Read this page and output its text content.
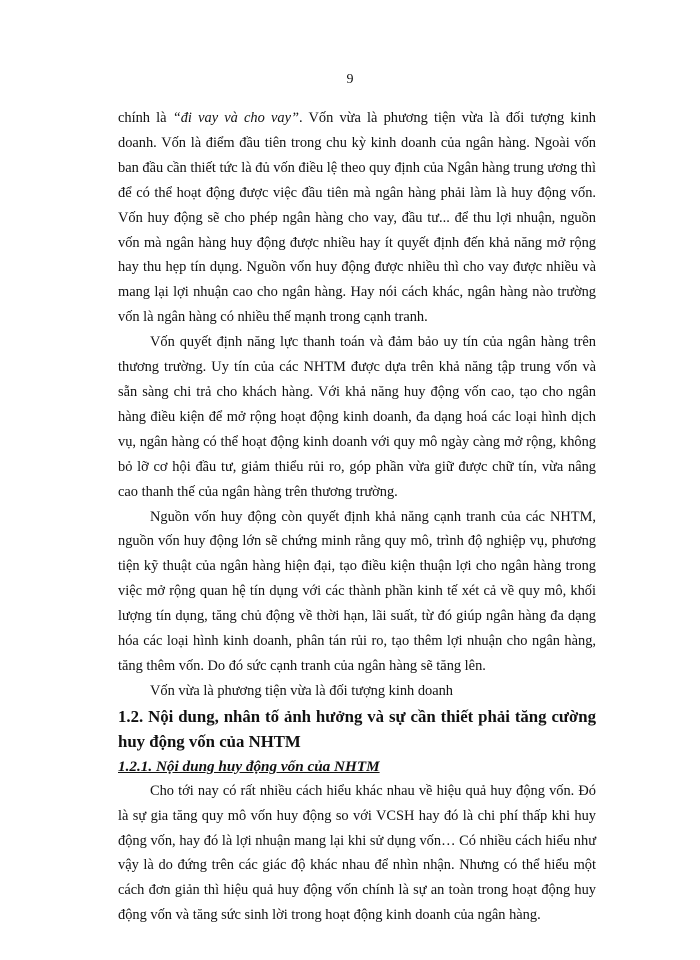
9

chính là “đi vay và cho vay”. Vốn vừa là phương tiện vừa là đối tượng kinh doanh. Vốn là điểm đầu tiên trong chu kỳ kinh doanh của ngân hàng. Ngoài vốn ban đầu cần thiết tức là đủ vốn điều lệ theo quy định của Ngân hàng trung ương thì để có thể hoạt động được việc đầu tiên mà ngân hàng phải làm là huy động vốn. Vốn huy động sẽ cho phép ngân hàng cho vay, đầu tư... để thu lợi nhuận, nguồn vốn mà ngân hàng huy động được nhiều hay ít quyết định đến khả năng mở rộng hay thu hẹp tín dụng. Nguồn vốn huy động được nhiều thì cho vay được nhiều và mang lại lợi nhuận cao cho ngân hàng. Hay nói cách khác, ngân hàng nào trường vốn là ngân hàng có nhiều thế mạnh trong cạnh tranh.

Vốn quyết định năng lực thanh toán và đảm bảo uy tín của ngân hàng trên thương trường. Uy tín của các NHTM được dựa trên khả năng tập trung vốn và sẵn sàng chi trả cho khách hàng. Với khả năng huy động vốn cao, tạo cho ngân hàng điều kiện để mở rộng hoạt động kinh doanh, đa dạng hoá các loại hình dịch vụ, ngân hàng có thể hoạt động kinh doanh với quy mô ngày càng mở rộng, không bỏ lỡ cơ hội đầu tư, giảm thiểu rủi ro, góp phần vừa giữ được chữ tín, vừa nâng cao thanh thế của ngân hàng trên thương trường.

Nguồn vốn huy động còn quyết định khả năng cạnh tranh của các NHTM, nguồn vốn huy động lớn sẽ chứng minh rằng quy mô, trình độ nghiệp vụ, phương tiện kỹ thuật của ngân hàng hiện đại, tạo điều kiện thuận lợi cho ngân hàng trong việc mở rộng quan hệ tín dụng với các thành phần kinh tế xét cả về quy mô, khối lượng tín dụng, tăng chủ động về thời hạn, lãi suất, từ đó giúp ngân hàng đa dạng hóa các loại hình kinh doanh, phân tán rủi ro, tạo thêm lợi nhuận cho ngân hàng, tăng thêm vốn. Do đó sức cạnh tranh của ngân hàng sẽ tăng lên.

Vốn vừa là phương tiện vừa là đối tượng kinh doanh

1.2. Nội dung, nhân tố ảnh hưởng và sự cần thiết phải tăng cường huy động vốn của NHTM

1.2.1. Nội dung huy động vốn của NHTM

Cho tới nay có rất nhiều cách hiểu khác nhau về hiệu quả huy động vốn. Đó là sự gia tăng quy mô vốn huy động so với VCSH hay đó là chi phí thấp khi huy động vốn, hay đó là lợi nhuận mang lại khi sử dụng vốn… Có nhiều cách hiểu như vậy là do đứng trên các giác độ khác nhau để nhìn nhận. Nhưng có thể hiểu một cách đơn giản thì hiệu quả huy động vốn chính là sự an toàn trong hoạt động huy động vốn và tăng sức sinh lời trong hoạt động kinh doanh của ngân hàng.
